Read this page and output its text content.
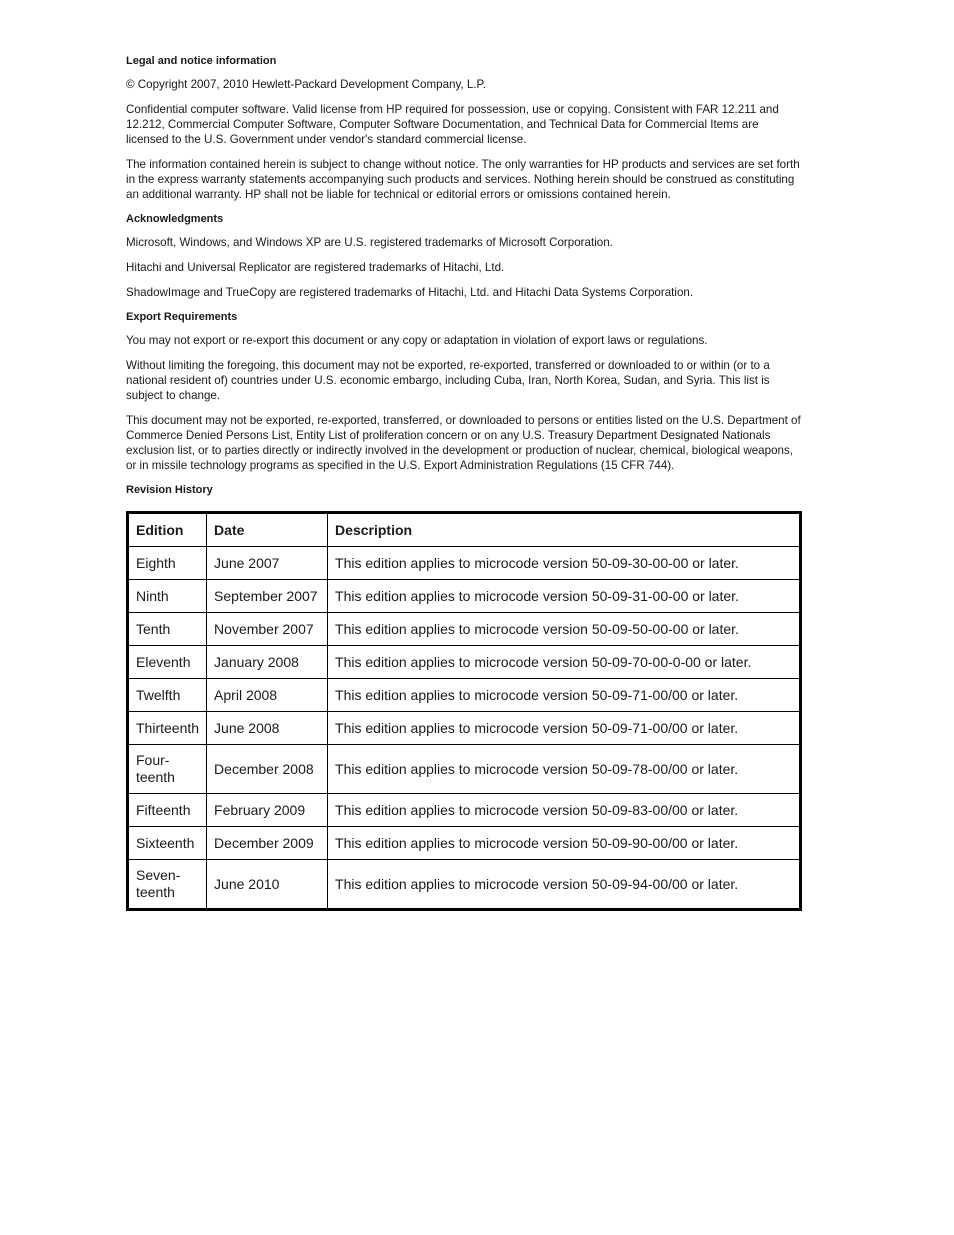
Legal and notice information

© Copyright 2007, 2010 Hewlett-Packard Development Company, L.P.

Confidential computer software. Valid license from HP required for possession, use or copying. Consistent with FAR 12.211 and 12.212, Commercial Computer Software, Computer Software Documentation, and Technical Data for Commercial Items are licensed to the U.S. Government under vendor's standard commercial license.

The information contained herein is subject to change without notice. The only warranties for HP products and services are set forth in the express warranty statements accompanying such products and services. Nothing herein should be construed as constituting an additional warranty. HP shall not be liable for technical or editorial errors or omissions contained herein.

Acknowledgments

Microsoft, Windows, and Windows XP are U.S. registered trademarks of Microsoft Corporation.

Hitachi and Universal Replicator are registered trademarks of Hitachi, Ltd.

ShadowImage and TrueCopy are registered trademarks of Hitachi, Ltd. and Hitachi Data Systems Corporation.

Export Requirements

You may not export or re-export this document or any copy or adaptation in violation of export laws or regulations.

Without limiting the foregoing, this document may not be exported, re-exported, transferred or downloaded to or within (or to a national resident of) countries under U.S. economic embargo, including Cuba, Iran, North Korea, Sudan, and Syria. This list is subject to change.

This document may not be exported, re-exported, transferred, or downloaded to persons or entities listed on the U.S. Department of Commerce Denied Persons List, Entity List of proliferation concern or on any U.S. Treasury Department Designated Nationals exclusion list, or to parties directly or indirectly involved in the development or production of nuclear, chemical, biological weapons, or in missile technology programs as specified in the U.S. Export Administration Regulations (15 CFR 744).

Revision History
Edition	Date	Description
Eighth	June 2007	This edition applies to microcode version 50-09-30-00-00 or later.
Ninth	September 2007	This edition applies to microcode version 50-09-31-00-00 or later.
Tenth	November 2007	This edition applies to microcode version 50-09-50-00-00 or later.
Eleventh	January 2008	This edition applies to microcode version 50-09-70-00-0-00 or later.
Twelfth	April 2008	This edition applies to microcode version 50-09-71-00/00 or later.
Thirteenth	June 2008	This edition applies to microcode version 50-09-71-00/00 or later.
Four-
teenth	December 2008	This edition applies to microcode version 50-09-78-00/00 or later.
Fifteenth	February 2009	This edition applies to microcode version 50-09-83-00/00 or later.
Sixteenth	December 2009	This edition applies to microcode version 50-09-90-00/00 or later.
Seven-
teenth	June 2010	This edition applies to microcode version 50-09-94-00/00 or later.
